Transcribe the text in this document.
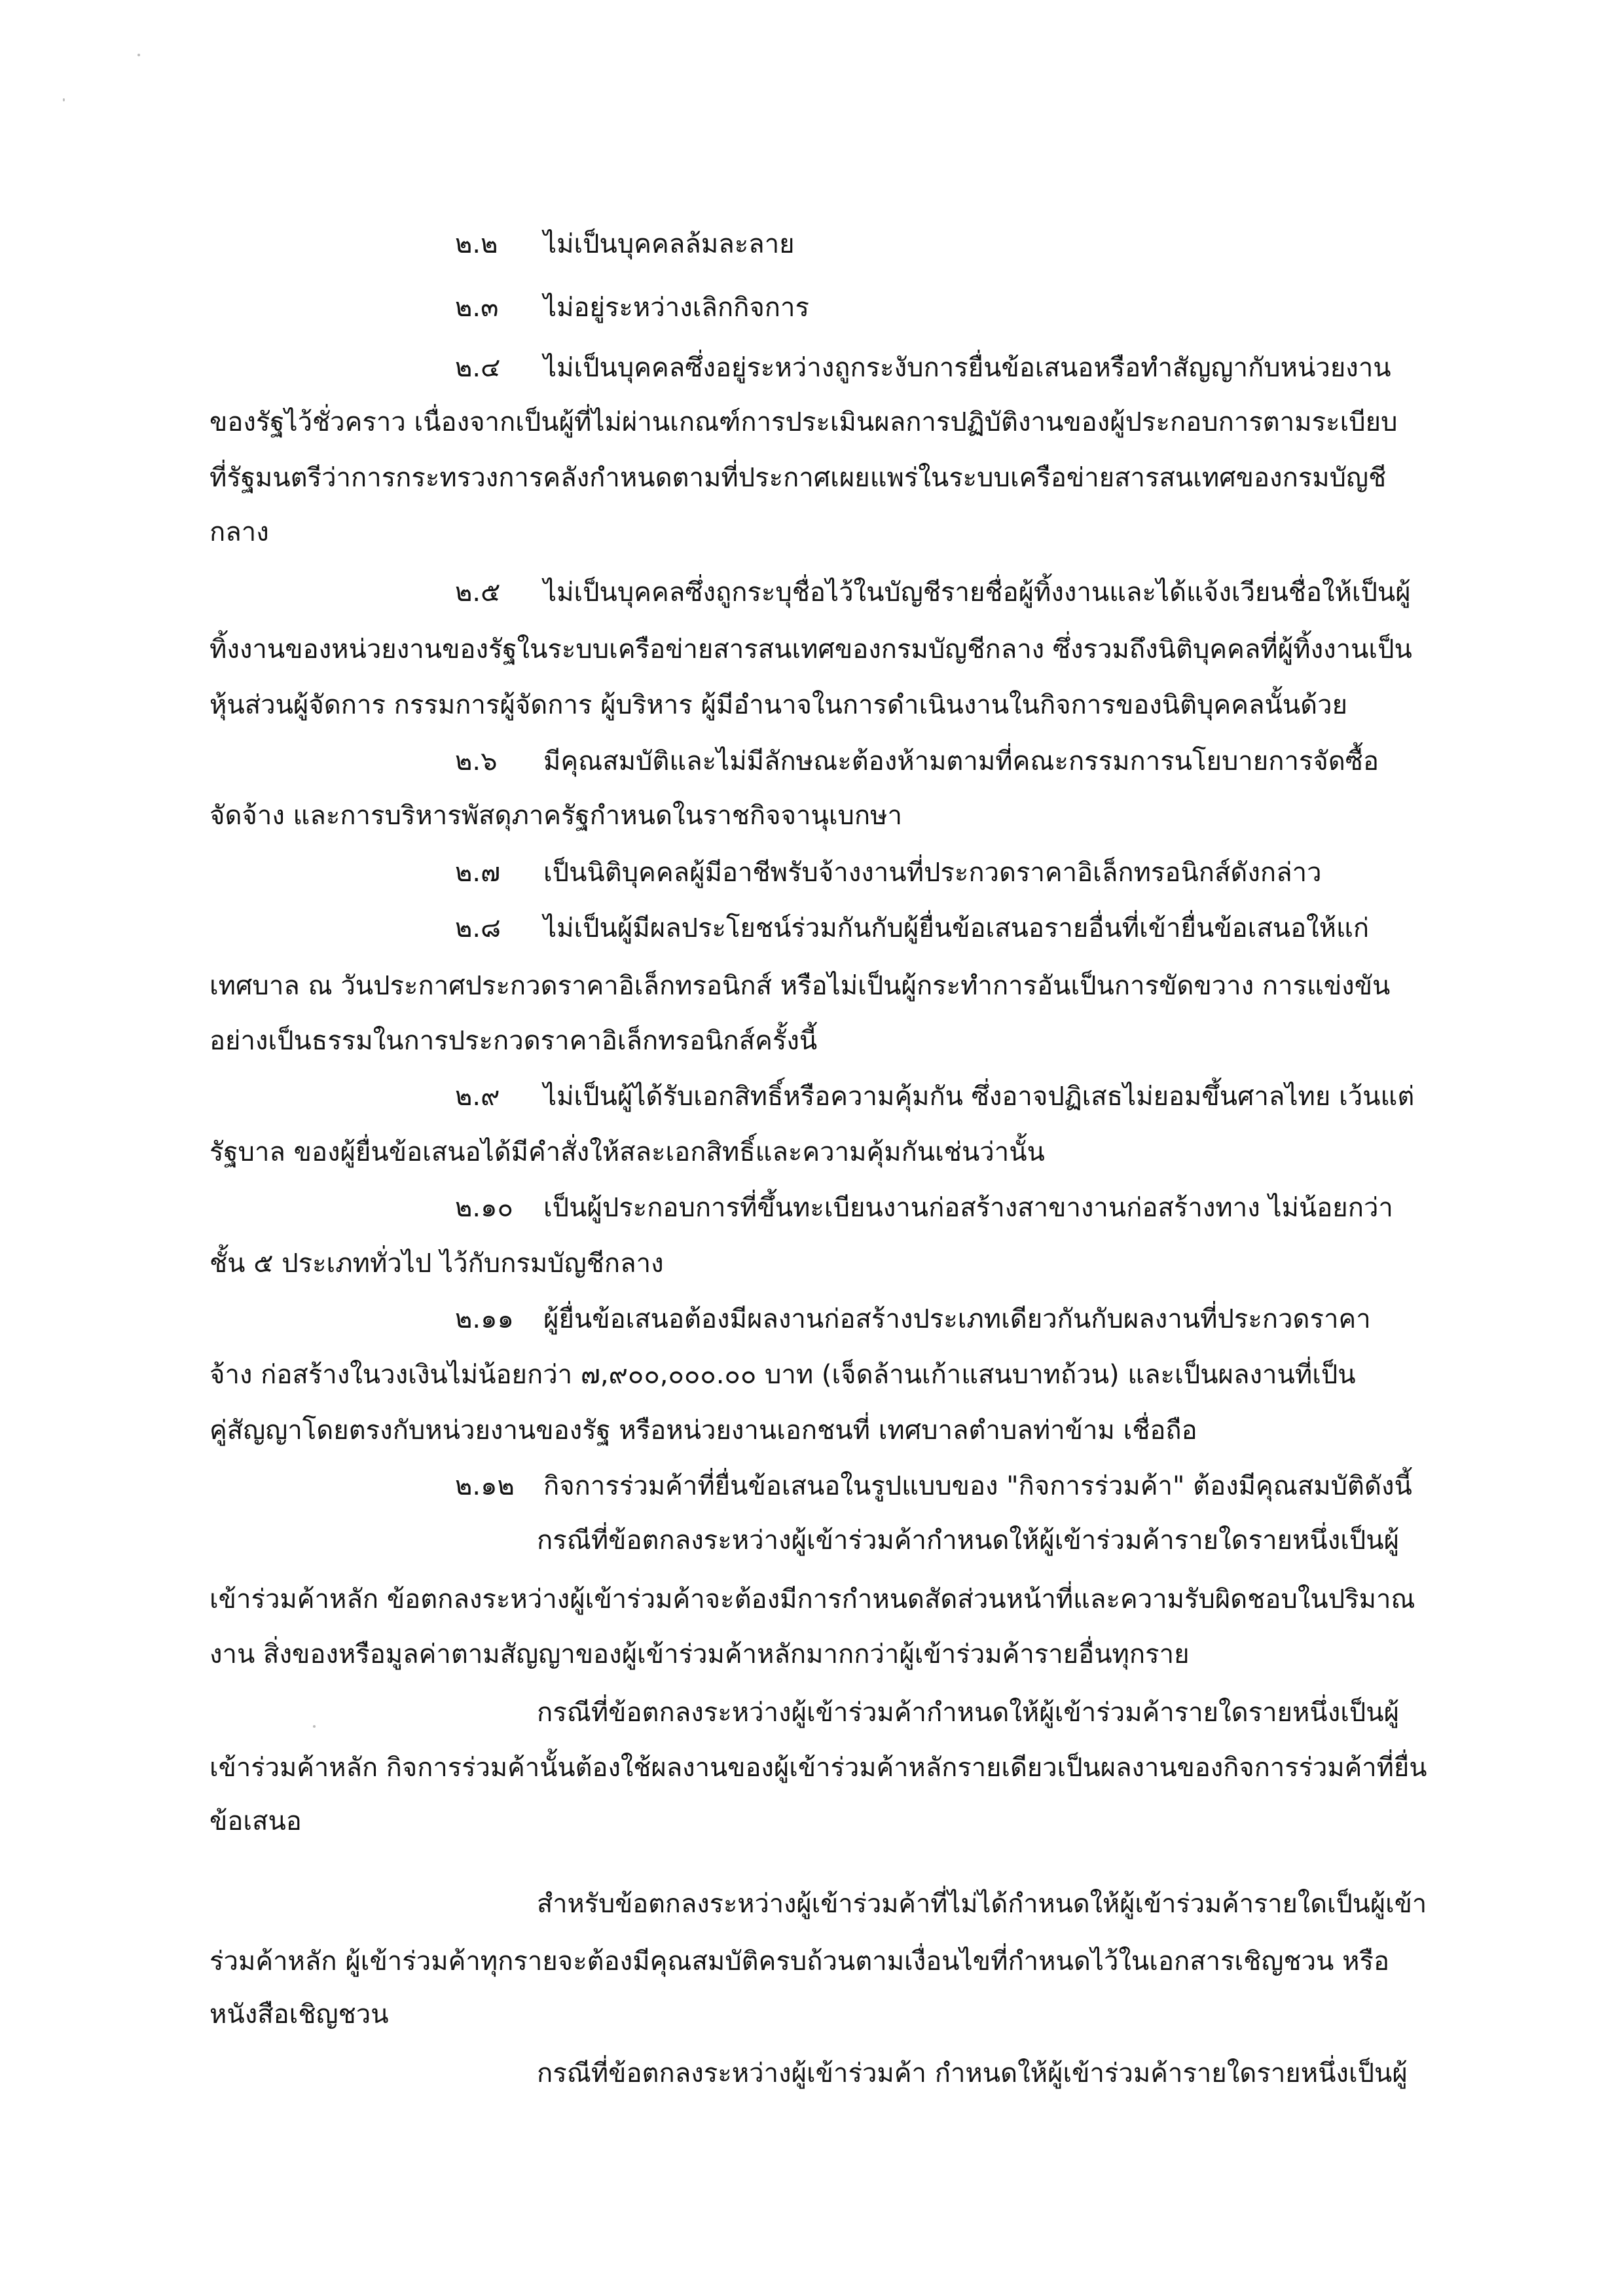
๒.๒ ไม่เป็นบุคคลล้มละลาย
๒.๓ ไม่อยู่ระหว่างเลิกกิจการ
๒.๔ ไม่เป็นบุคคลซึ่งอยู่ระหว่างถูกระงับการยื่นข้อเสนอหรือทำสัญญากับหน่วยงาน
ของรัฐไว้ชั่วคราว เนื่องจากเป็นผู้ที่ไม่ผ่านเกณฑ์การประเมินผลการปฏิบัติงานของผู้ประกอบการตามระเบียบ
ที่รัฐมนตรีว่าการกระทรวงการคลังกำหนดตามที่ประกาศเผยแพร่ในระบบเครือข่ายสารสนเทศของกรมบัญชี
กลาง
๒.๕ ไม่เป็นบุคคลซึ่งถูกระบุชื่อไว้ในบัญชีรายชื่อผู้ทิ้งงานและได้แจ้งเวียนชื่อให้เป็นผู้
ทิ้งงานของหน่วยงานของรัฐในระบบเครือข่ายสารสนเทศของกรมบัญชีกลาง ซึ่งรวมถึงนิติบุคคลที่ผู้ทิ้งงานเป็น
หุ้นส่วนผู้จัดการ กรรมการผู้จัดการ ผู้บริหาร ผู้มีอำนาจในการดำเนินงานในกิจการของนิติบุคคลนั้นด้วย
๒.๖ มีคุณสมบัติและไม่มีลักษณะต้องห้ามตามที่คณะกรรมการนโยบายการจัดซื้อ
จัดจ้าง และการบริหารพัสดุภาครัฐกำหนดในราชกิจจานุเบกษา
๒.๗ เป็นนิติบุคคลผู้มีอาชีพรับจ้างงานที่ประกวดราคาอิเล็กทรอนิกส์ดังกล่าว
๒.๘ ไม่เป็นผู้มีผลประโยชน์ร่วมกันกับผู้ยื่นข้อเสนอรายอื่นที่เข้ายื่นข้อเสนอให้แก่
เทศบาล ณ วันประกาศประกวดราคาอิเล็กทรอนิกส์ หรือไม่เป็นผู้กระทำการอันเป็นการขัดขวาง การแข่งขัน
อย่างเป็นธรรมในการประกวดราคาอิเล็กทรอนิกส์ครั้งนี้
๒.๙ ไม่เป็นผู้ได้รับเอกสิทธิ์หรือความคุ้มกัน ซึ่งอาจปฏิเสธไม่ยอมขึ้นศาลไทย เว้นแต่
รัฐบาล ของผู้ยื่นข้อเสนอได้มีคำสั่งให้สละเอกสิทธิ์และความคุ้มกันเช่นว่านั้น
๒.๑๐ เป็นผู้ประกอบการที่ขึ้นทะเบียนงานก่อสร้างสาขางานก่อสร้างทาง ไม่น้อยกว่า
ชั้น ๕ ประเภททั่วไป ไว้กับกรมบัญชีกลาง
๒.๑๑ ผู้ยื่นข้อเสนอต้องมีผลงานก่อสร้างประเภทเดียวกันกับผลงานที่ประกวดราคา
จ้าง ก่อสร้างในวงเงินไม่น้อยกว่า ๗,๙๐๐,๐๐๐.๐๐ บาท (เจ็ดล้านเก้าแสนบาทถ้วน) และเป็นผลงานที่เป็น
คู่สัญญาโดยตรงกับหน่วยงานของรัฐ หรือหน่วยงานเอกชนที่ เทศบาลตำบลท่าข้าม เชื่อถือ
๒.๑๒ กิจการร่วมค้าที่ยื่นข้อเสนอในรูปแบบของ "กิจการร่วมค้า" ต้องมีคุณสมบัติดังนี้
กรณีที่ข้อตกลงระหว่างผู้เข้าร่วมค้ากำหนดให้ผู้เข้าร่วมค้ารายใดรายหนึ่งเป็นผู้
เข้าร่วมค้าหลัก ข้อตกลงระหว่างผู้เข้าร่วมค้าจะต้องมีการกำหนดสัดส่วนหน้าที่และความรับผิดชอบในปริมาณ
งาน สิ่งของหรือมูลค่าตามสัญญาของผู้เข้าร่วมค้าหลักมากกว่าผู้เข้าร่วมค้ารายอื่นทุกราย
กรณีที่ข้อตกลงระหว่างผู้เข้าร่วมค้ากำหนดให้ผู้เข้าร่วมค้ารายใดรายหนึ่งเป็นผู้
เข้าร่วมค้าหลัก กิจการร่วมค้านั้นต้องใช้ผลงานของผู้เข้าร่วมค้าหลักรายเดียวเป็นผลงานของกิจการร่วมค้าที่ยื่น
ข้อเสนอ
สำหรับข้อตกลงระหว่างผู้เข้าร่วมค้าที่ไม่ได้กำหนดให้ผู้เข้าร่วมค้ารายใดเป็นผู้เข้า
ร่วมค้าหลัก ผู้เข้าร่วมค้าทุกรายจะต้องมีคุณสมบัติครบถ้วนตามเงื่อนไขที่กำหนดไว้ในเอกสารเชิญชวน หรือ
หนังสือเชิญชวน
กรณีที่ข้อตกลงระหว่างผู้เข้าร่วมค้า กำหนดให้ผู้เข้าร่วมค้ารายใดรายหนึ่งเป็นผู้
